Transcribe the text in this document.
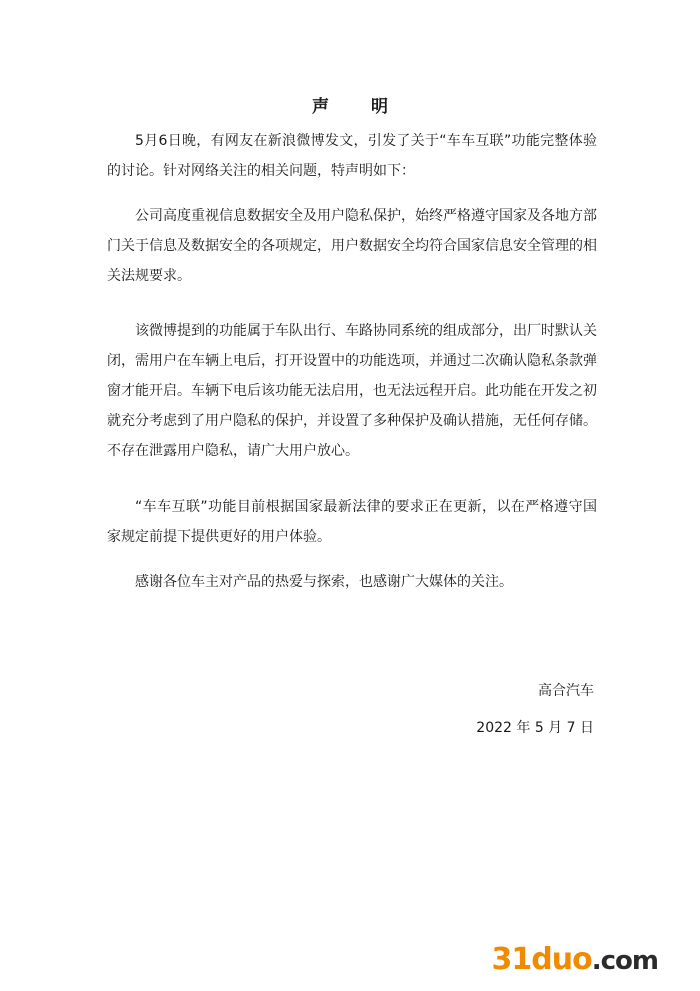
声 明

5月6日晚，有网友在新浪微博发文，引发了关于“车车互联”功能完整体验的讨论。针对网络关注的相关问题，特声明如下：

公司高度重视信息数据安全及用户隐私保护，始终严格遵守国家及各地方部门关于信息及数据安全的各项规定，用户数据安全均符合国家信息安全管理的相关法规要求。

该微博提到的功能属于车队出行、车路协同系统的组成部分，出厂时默认关闭，需用户在车辆上电后，打开设置中的功能选项，并通过二次确认隐私条款弹窗才能开启。车辆下电后该功能无法启用，也无法远程开启。此功能在开发之初就充分考虑到了用户隐私的保护，并设置了多种保护及确认措施，无任何存储。不存在泄露用户隐私，请广大用户放心。

“车车互联”功能目前根据国家最新法律的要求正在更新，以在严格遵守国家规定前提下提供更好的用户体验。

感谢各位车主对产品的热爱与探索，也感谢广大媒体的关注。

高合汽车
2022 年 5 月 7 日
31duo .com
